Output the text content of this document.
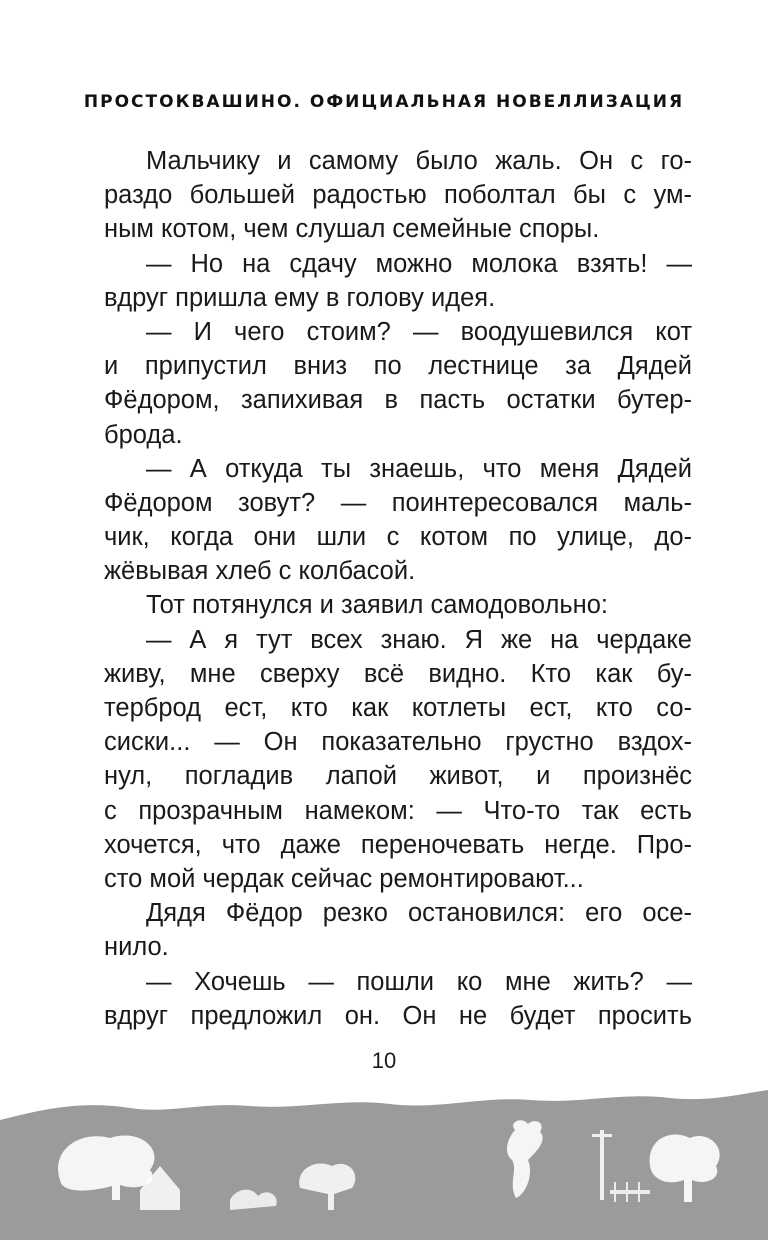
ПРОСТОКВАШИНО. ОФИЦИАЛЬНАЯ НОВЕЛЛИЗАЦИЯ
Мальчику и самому было жаль. Он с го-
раздо большей радостью поболтал бы с ум-
ным котом, чем слушал семейные споры.
— Но на сдачу можно молока взять! —
вдруг пришла ему в голову идея.
— И чего стоим? — воодушевился кот
и припустил вниз по лестнице за Дядей
Фёдором, запихивая в пасть остатки бутер-
брода.
— А откуда ты знаешь, что меня Дядей
Фёдором зовут? — поинтересовался маль-
чик, когда они шли с котом по улице, до-
жёвывая хлеб с колбасой.
Тот потянулся и заявил самодовольно:
— А я тут всех знаю. Я же на чердаке
живу, мне сверху всё видно. Кто как бу-
терброд ест, кто как котлеты ест, кто со-
сиски... — Он показательно грустно вздох-
нул, погладив лапой живот, и произнёс
с прозрачным намеком: — Что-то так есть
хочется, что даже переночевать негде. Про-
сто мой чердак сейчас ремонтировают...
Дядя Фёдор резко остановился: его осе-
нило.
— Хочешь — пошли ко мне жить? —
вдруг предложил он. Он не будет просить
10
